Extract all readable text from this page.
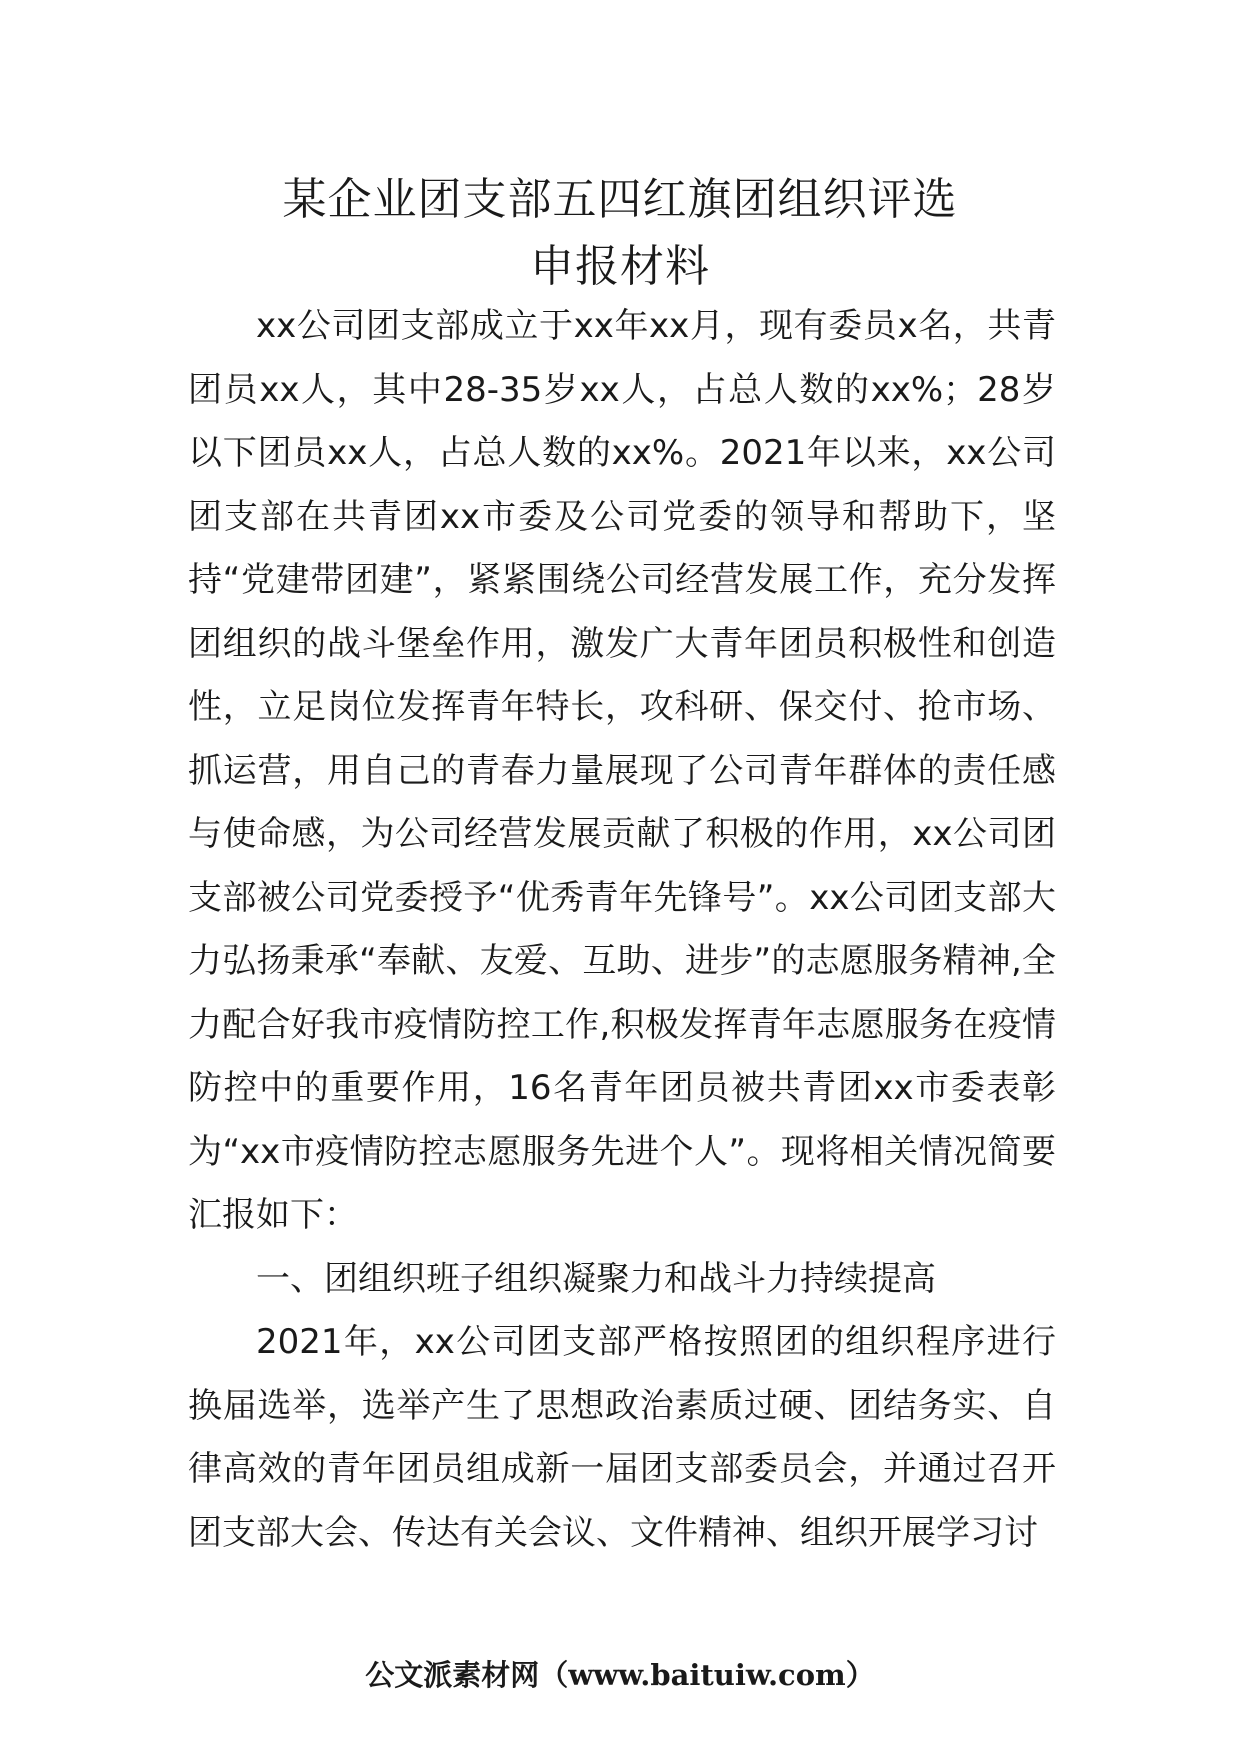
某企业团支部五四红旗团组织评选
申报材料

xx公司团支部成立于xx年xx月，现有委员x名，共青团员xx人，其中28-35岁xx人，占总人数的xx%；28岁以下团员xx人，占总人数的xx%。2021年以来，xx公司团支部在共青团xx市委及公司党委的领导和帮助下，坚持“党建带团建”，紧紧围绕公司经营发展工作，充分发挥团组织的战斗堡垒作用，激发广大青年团员积极性和创造性，立足岗位发挥青年特长，攻科研、保交付、抢市场、抓运营，用自己的青春力量展现了公司青年群体的责任感与使命感，为公司经营发展贡献了积极的作用，xx公司团支部被公司党委授予“优秀青年先锋号”。xx公司团支部大力弘扬秉承“奉献、友爱、互助、进步”的志愿服务精神,全力配合好我市疫情防控工作,积极发挥青年志愿服务在疫情防控中的重要作用，16名青年团员被共青团xx市委表彰为“xx市疫情防控志愿服务先进个人”。现将相关情况简要汇报如下：

一、团组织班子组织凝聚力和战斗力持续提高

2021年，xx公司团支部严格按照团的组织程序进行换届选举，选举产生了思想政治素质过硬、团结务实、自律高效的青年团员组成新一届团支部委员会，并通过召开团支部大会、传达有关会议、文件精神、组织开展学习讨

公文派素材网（www.baituiw.com）
